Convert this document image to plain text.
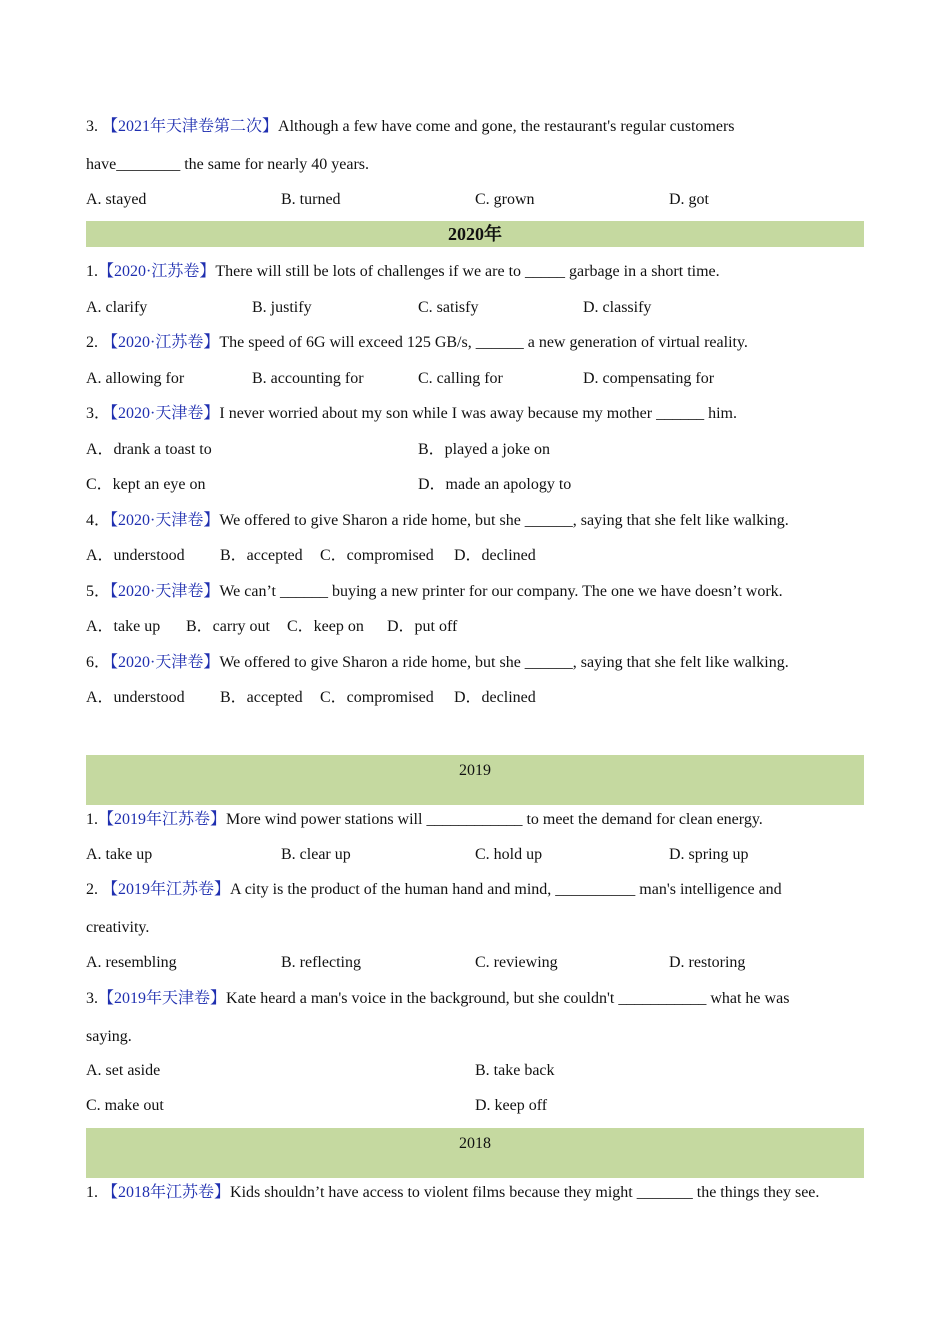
3. 【2021年天津卷第二次】Although a few have come and gone, the restaurant's regular customers
have________ the same for nearly 40 years.
A. stayed	B. turned	C. grown	D. got
2020年
1.【2020·江苏卷】There will still be lots of challenges if we are to _____ garbage in a short time.
A. clarify	B. justify	C. satisfy	D. classify
2. 【2020·江苏卷】The speed of 6G will exceed 125 GB/s, ______ a new generation of virtual reality.
A. allowing for	B. accounting for	C. calling for	D. compensating for
3．【2020·天津卷】I never worried about my son while I was away because my mother ______ him.
A．drank a toast to	B．played a joke on
C．kept an eye on	D．made an apology to
4．【2020·天津卷】We offered to give Sharon a ride home, but she ______, saying that she felt like walking.
A．understood B．accepted C．compromised D．declined
5．【2020·天津卷】We can’t ______ buying a new printer for our company. The one we have doesn’t work.
A．take up B．carry out C．keep on D．put off
6．【2020·天津卷】We offered to give Sharon a ride home, but she ______, saying that she felt like walking.
A．understood B．accepted C．compromised D．declined
2019
1.【2019年江苏卷】More wind power stations will ____________ to meet the demand for clean energy.
A. take up	B. clear up	C. hold up	D. spring up
2. 【2019年江苏卷】A city is the product of the human hand and mind, __________ man's intelligence and
creativity.
A. resembling	B. reflecting	C. reviewing	D. restoring
3.【2019年天津卷】Kate heard a man's voice in the background, but she couldn't ___________ what he was
saying.
A. set aside	B. take back
C. make out	D. keep off
2018
1. 【2018年江苏卷】Kids shouldn’t have access to violent films because they might _______ the things they see.
